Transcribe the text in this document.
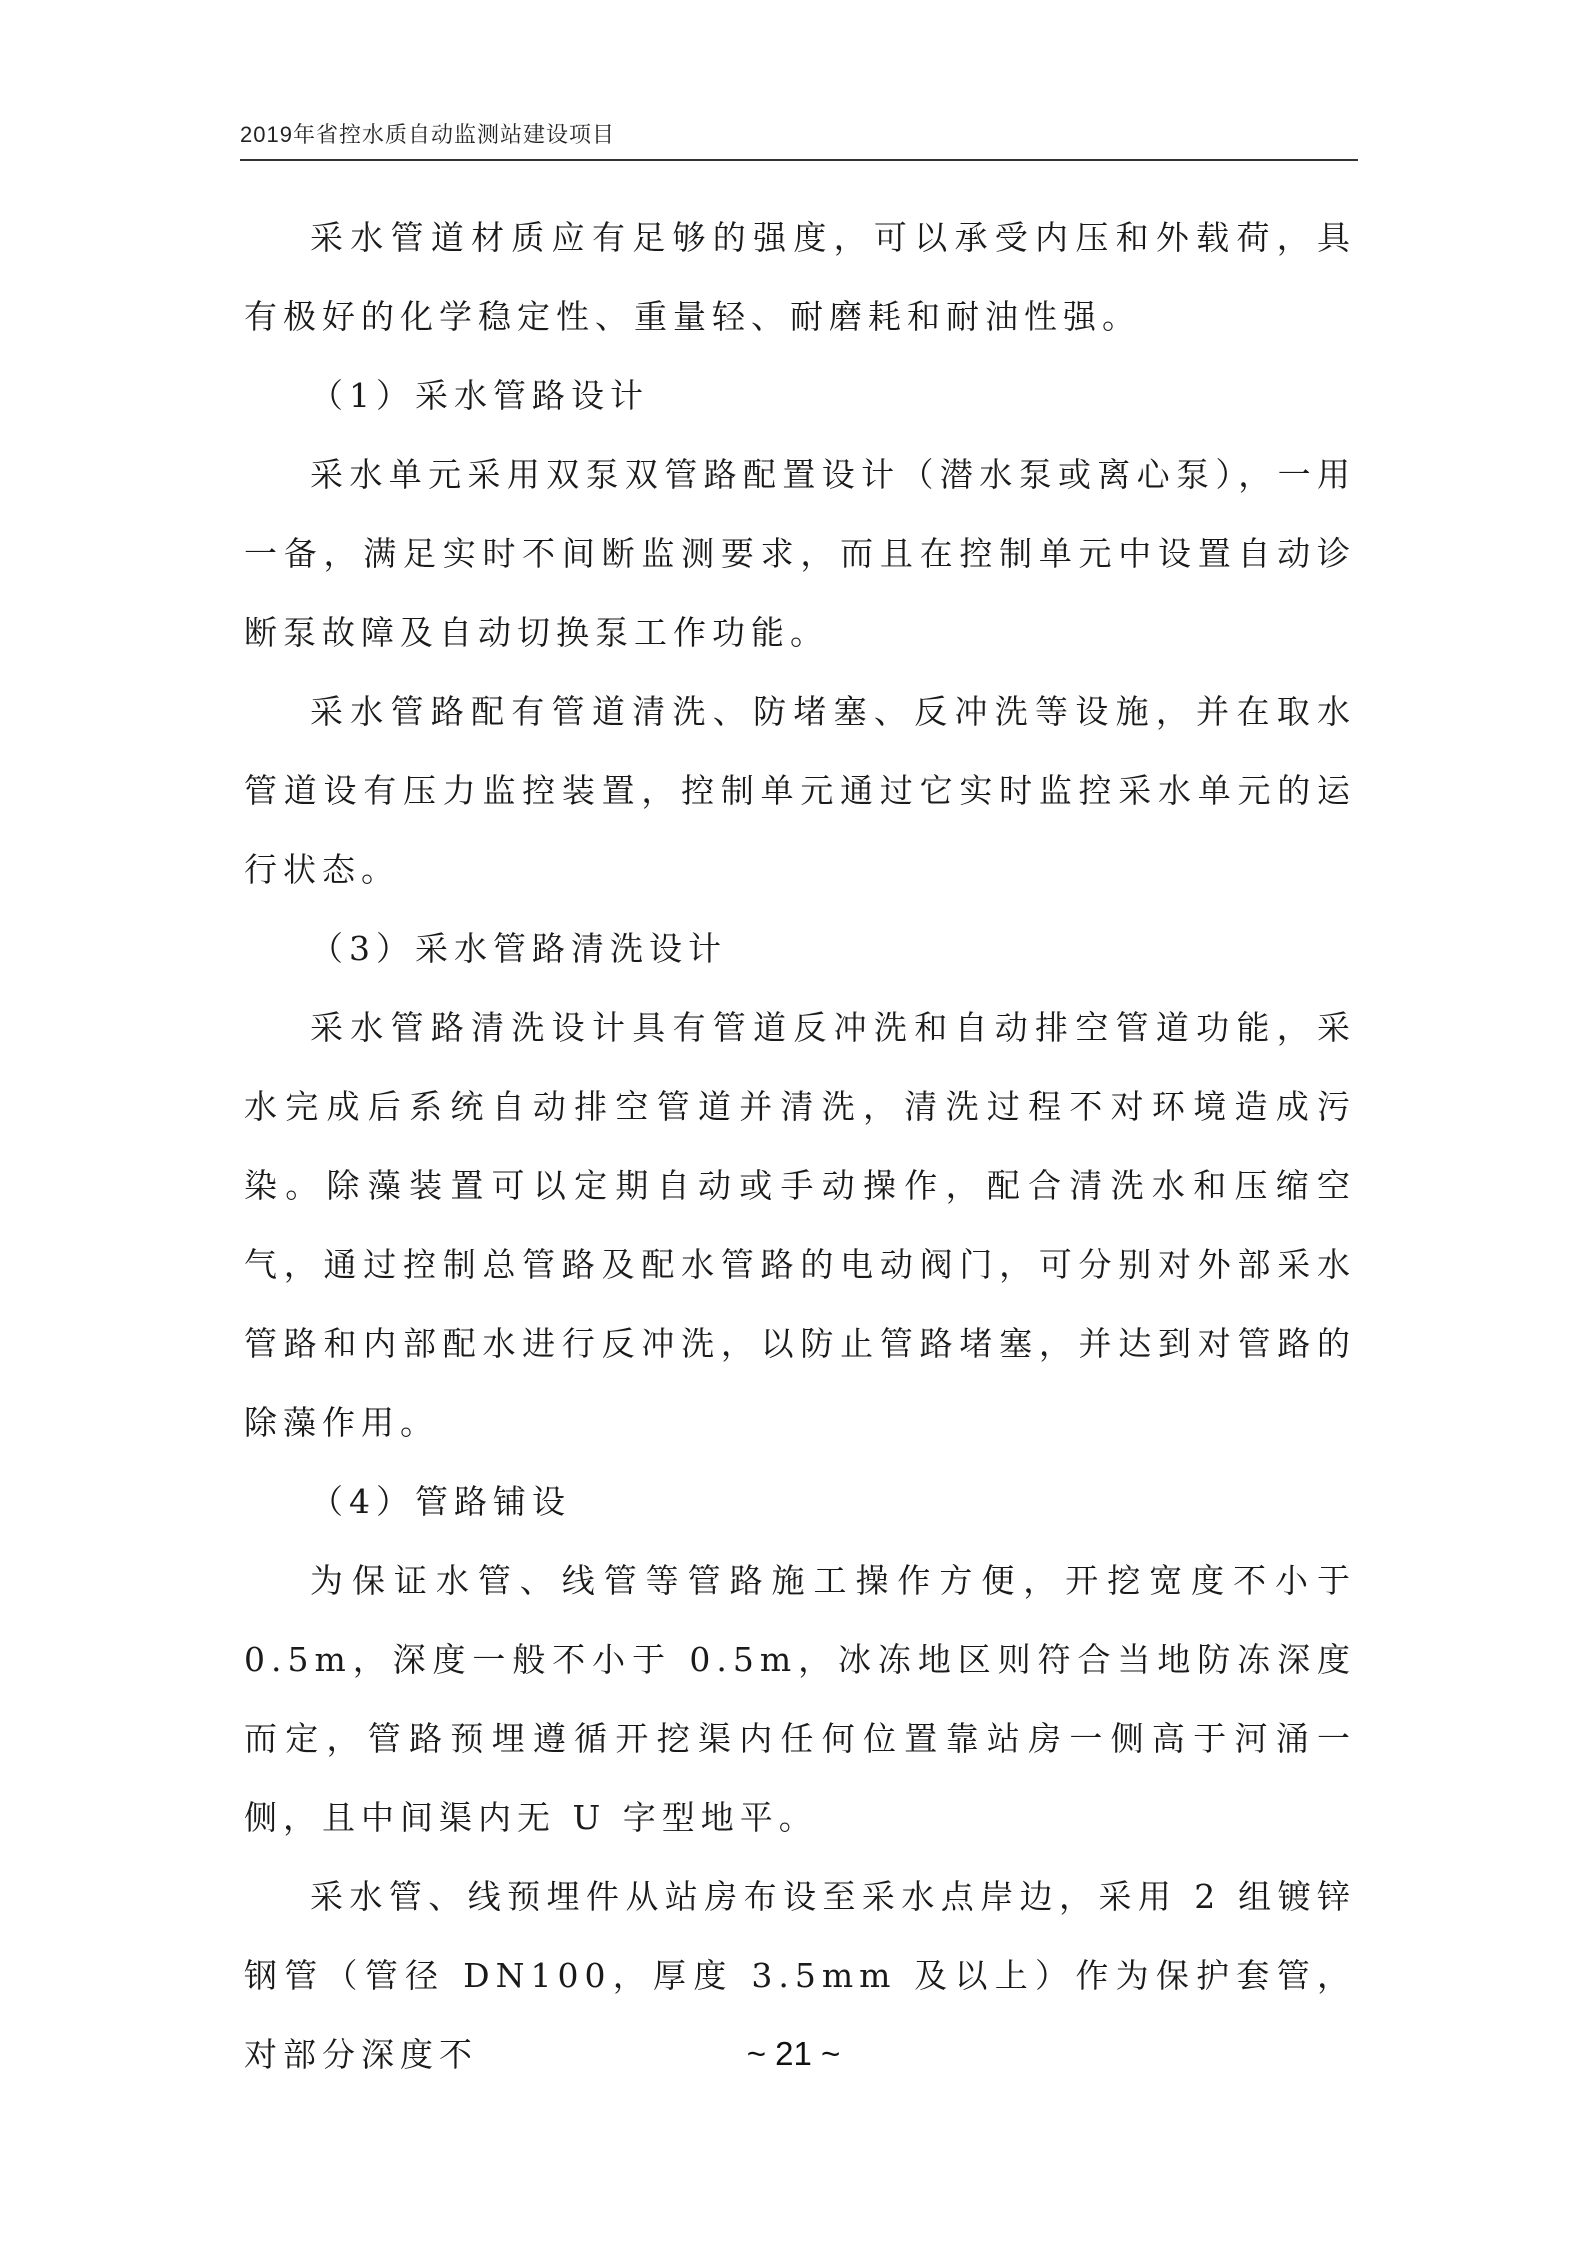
2019年省控水质自动监测站建设项目

采水管道材质应有足够的强度，可以承受内压和外载荷，具有极好的化学稳定性、重量轻、耐磨耗和耐油性强。

（1）采水管路设计

采水单元采用双泵双管路配置设计（潜水泵或离心泵），一用一备，满足实时不间断监测要求，而且在控制单元中设置自动诊断泵故障及自动切换泵工作功能。

采水管路配有管道清洗、防堵塞、反冲洗等设施，并在取水管道设有压力监控装置，控制单元通过它实时监控采水单元的运行状态。

（3）采水管路清洗设计

采水管路清洗设计具有管道反冲洗和自动排空管道功能，采水完成后系统自动排空管道并清洗，清洗过程不对环境造成污染。除藻装置可以定期自动或手动操作，配合清洗水和压缩空气，通过控制总管路及配水管路的电动阀门，可分别对外部采水管路和内部配水进行反冲洗，以防止管路堵塞，并达到对管路的除藻作用。

（4）管路铺设

为保证水管、线管等管路施工操作方便，开挖宽度不小于 0.5m，深度一般不小于 0.5m，冰冻地区则符合当地防冻深度而定，管路预埋遵循开挖渠内任何位置靠站房一侧高于河涌一侧，且中间渠内无 U 字型地平。

采水管、线预埋件从站房布设至采水点岸边，采用 2 组镀锌钢管（管径 DN100，厚度 3.5mm 及以上）作为保护套管，对部分深度不	~ 21 ~
